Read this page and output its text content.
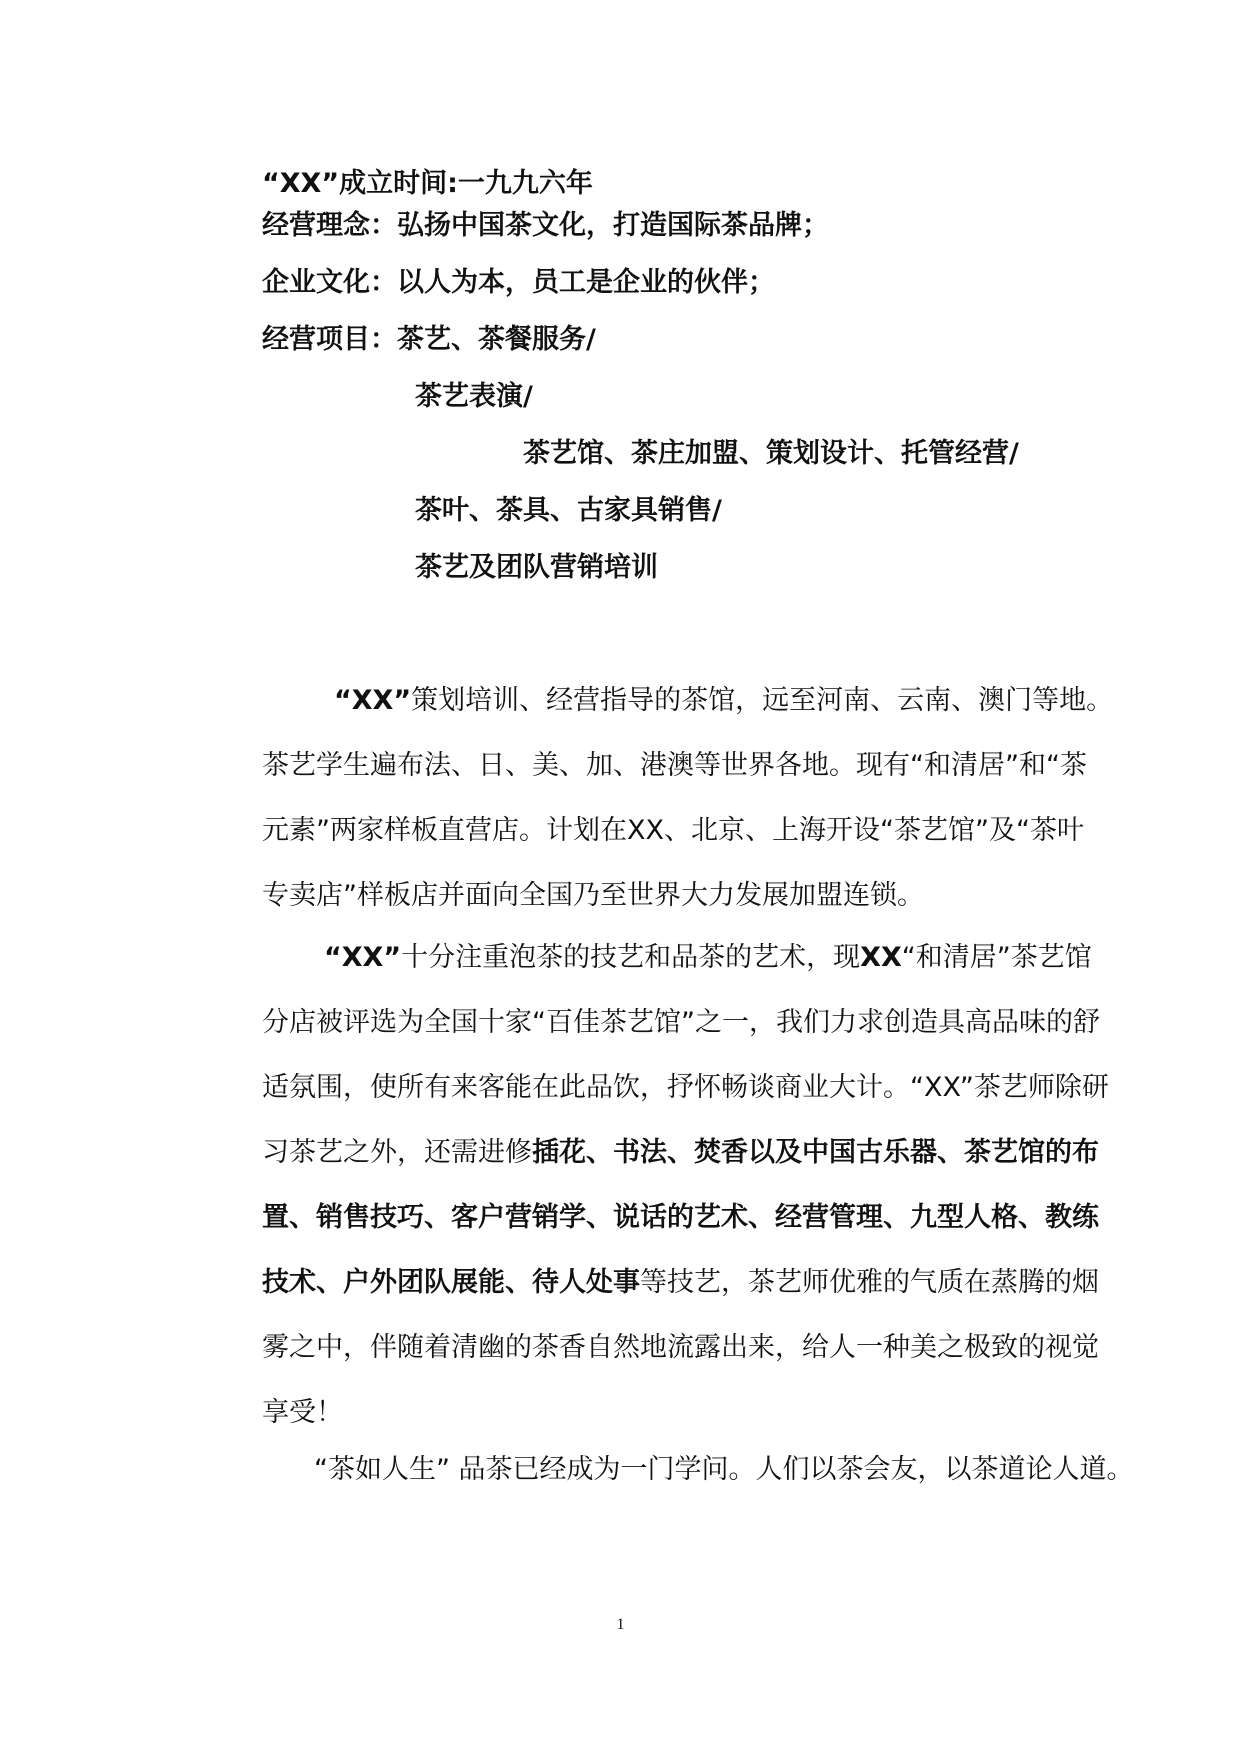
“XX”成立时间:一九九六年
经营理念：弘扬中国茶文化，打造国际茶品牌；
企业文化：以人为本，员工是企业的伙伴；
经营项目：茶艺、茶餐服务/
茶艺表演/
茶艺馆、茶庄加盟、策划设计、托管经营/
茶叶、茶具、古家具销售/
茶艺及团队营销培训
“XX”策划培训、经营指导的茶馆，远至河南、云南、澳门等地。
茶艺学生遍布法、日、美、加、港澳等世界各地。现有“和清居”和“茶
元素”两家样板直营店。计划在XX、北京、上海开设“茶艺馆”及“茶叶
专卖店”样板店并面向全国乃至世界大力发展加盟连锁。
“XX”十分注重泡茶的技艺和品茶的艺术，现XX“和清居”茶艺馆
分店被评选为全国十家“百佳茶艺馆”之一，我们力求创造具高品味的舒
适氛围，使所有来客能在此品饮，抒怀畅谈商业大计。“XX”茶艺师除研
习茶艺之外，还需进修插花、书法、焚香以及中国古乐器、茶艺馆的布
置、销售技巧、客户营销学、说话的艺术、经营管理、九型人格、教练
技术、户外团队展能、待人处事等技艺，茶艺师优雅的气质在蒸腾的烟
雾之中，伴随着清幽的茶香自然地流露出来，给人一种美之极致的视觉
享受！
“茶如人生” 品茶已经成为一门学问。人们以茶会友，以茶道论人道。
1
